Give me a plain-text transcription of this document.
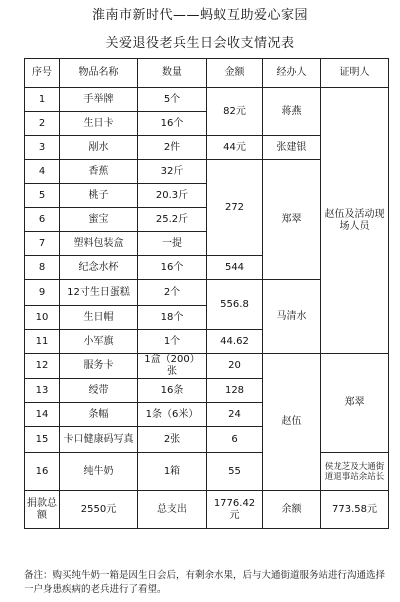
淮南市新时代——蚂蚁互助爱心家园
关爱退役老兵生日会收支情况表
序号	物品名称	数量	金额	经办人	证明人
1	手举牌	5个	82元	蒋燕	赵伍及活动现场人员
2	生日卡	16个			
3	剐水	2件	44元	张建银	
4	香蕉	32斤	272	郑翠	
5	桃子	20.3斤			
6	蜜宝	25.2斤			
7	塑料包装盒	一提			
8	纪念水杯	16个	544		
9	12寸生日蛋糕	2个	556.8	马清水	
10	生日帽	18个			
11	小军旗	1个	44.62		
12	服务卡	1盒（200）张	20	赵伍	郑翠
13	绶带	16条	128		
14	条幅	1条（6米）	24		
15	卡口健康码写真	2张	6		
16	纯牛奶	1箱	55		侯龙芝及大通街道退事站余站长
捐款总额	2550元	总支出	1776.42元	余额	773.58元
备注：购买纯牛奶一箱是因生日会后，有剩余水果，后与大通街道服务站进行沟通选择一户身患疾病的老兵进行了看望。
